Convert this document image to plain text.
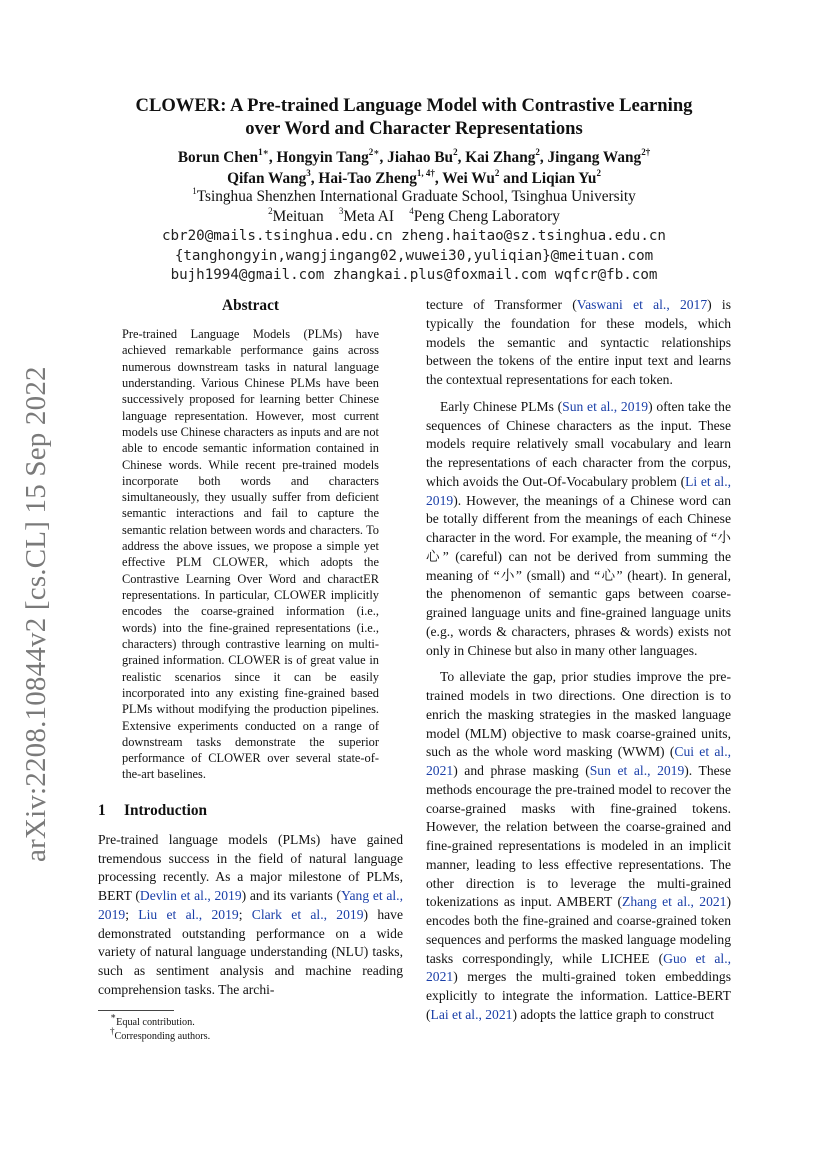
arXiv:2208.10844v2 [cs.CL] 15 Sep 2022
CLOWER: A Pre-trained Language Model with Contrastive Learning
over Word and Character Representations
Borun Chen$^{1∗}$, Hongyin Tang$^{2∗}$, Jiahao Bu$^2$, Kai Zhang$^2$, Jingang Wang$^{2\dagger}$
Qifan Wang$^3$, Hai-Tao Zheng$^{1, 4\dagger}$, Wei Wu$^2$ and Liqian Yu$^2$
$^1$Tsinghua Shenzhen International Graduate School, Tsinghua University
$^2$Meituan $^3$Meta AI $^4$Peng Cheng Laboratory
cbr20@mails.tsinghua.edu.cn zheng.haitao@sz.tsinghua.edu.cn
{tanghongyin,wangjingang02,wuwei30,yuliqian}@meituan.com
bujh1994@gmail.com zhangkai.plus@foxmail.com wqfcr@fb.com
Abstract

Pre-trained Language Models (PLMs) have achieved remarkable performance gains across numerous downstream tasks in natural language understanding. Various Chinese PLMs have been successively proposed for learning better Chinese language representation. However, most current models use Chinese characters as inputs and are not able to encode semantic information contained in Chinese words. While recent pre-trained models incorporate both words and characters simultaneously, they usually suffer from deficient semantic interactions and fail to capture the semantic relation between words and characters. To address the above issues, we propose a simple yet effective PLM CLOWER, which adopts the Contrastive Learning Over Word and charactER representations. In particular, CLOWER implicitly encodes the coarse-grained information (i.e., words) into the fine-grained representations (i.e., characters) through contrastive learning on multi-grained information. CLOWER is of great value in realistic scenarios since it can be easily incorporated into any existing fine-grained based PLMs without modifying the production pipelines. Extensive experiments conducted on a range of downstream tasks demonstrate the superior performance of CLOWER over several state-of-the-art baselines.

1 Introduction

Pre-trained language models (PLMs) have gained tremendous success in the field of natural language processing recently. As a major milestone of PLMs, BERT (Devlin et al., 2019) and its variants (Yang et al., 2019; Liu et al., 2019; Clark et al., 2019) have demonstrated outstanding performance on a wide variety of natural language understanding (NLU) tasks, such as sentiment analysis and machine reading comprehension tasks. The archi-

∗Equal contribution.
†Corresponding authors.

tecture of Transformer (Vaswani et al., 2017) is typically the foundation for these models, which models the semantic and syntactic relationships between the tokens of the entire input text and learns the contextual representations for each token.

Early Chinese PLMs (Sun et al., 2019) often take the sequences of Chinese characters as the input. These models require relatively small vocabulary and learn the representations of each character from the corpus, which avoids the Out-Of-Vocabulary problem (Li et al., 2019). However, the meanings of a Chinese word can be totally different from the meanings of each Chinese character in the word. For example, the meaning of “小心” (careful) can not be derived from summing the meaning of “小” (small) and “心” (heart). In general, the phenomenon of semantic gaps between coarse-grained language units and fine-grained language units (e.g., words & characters, phrases & words) exists not only in Chinese but also in many other languages.

To alleviate the gap, prior studies improve the pre-trained models in two directions. One direction is to enrich the masking strategies in the masked language model (MLM) objective to mask coarse-grained units, such as the whole word masking (WWM) (Cui et al., 2021) and phrase masking (Sun et al., 2019). These methods encourage the pre-trained model to recover the coarse-grained masks with fine-grained tokens. However, the relation between the coarse-grained and fine-grained representations is modeled in an implicit manner, leading to less effective representations. The other direction is to leverage the multi-grained tokenizations as input. AMBERT (Zhang et al., 2021) encodes both the fine-grained and coarse-grained token sequences and performs the masked language modeling tasks correspondingly, while LICHEE (Guo et al., 2021) merges the multi-grained token embeddings explicitly to integrate the information. Lattice-BERT (Lai et al., 2021) adopts the lattice graph to construct
